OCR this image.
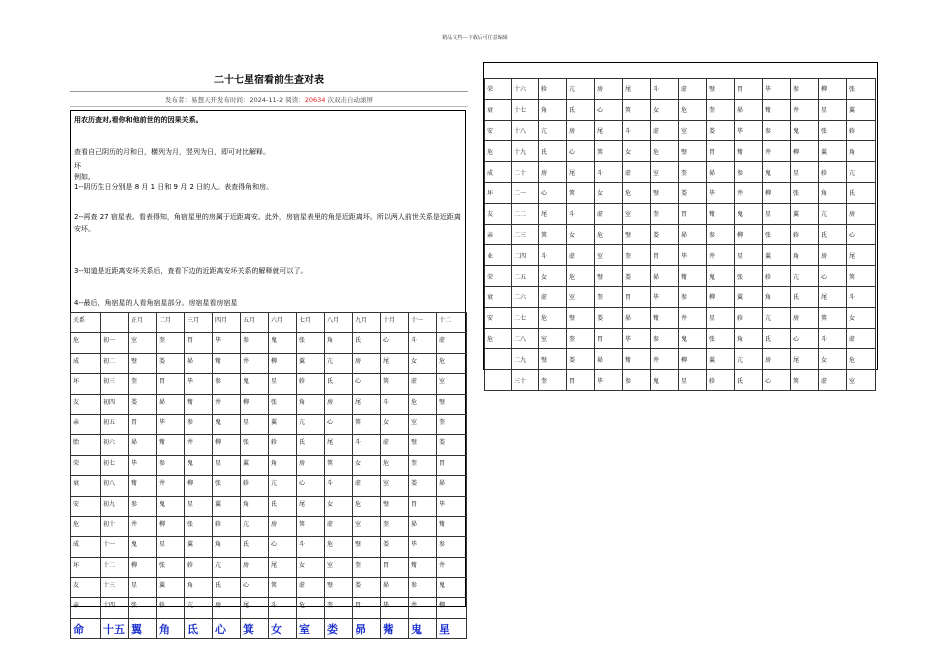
精品文档---下载后可任意编辑
二十七星宿看前生查对表
发布者：易想天开发布时间：2024-11-2 阅读：20634 次双击自动滚屏
用农历查对,看你和他前世的的因果关系。
查看自己阴历的月和日，横列为月，竖列为日，即可对比解释。
坏
例如,
1--阴历生日分别是 8 月 1 日和 9 月 2 日的人。表查得角和房。
2--再查 27 宿星表。看表得知，角宿星里的房属于近距离安。此外，房宿星表里的角是近距离坏。所以两人前世关系是近距离安坏。
3--知道是近距离安坏关系后，查看下边的近距离安坏关系的解释就可以了。
4--最后，角宿星的人看角宿星部分。房宿星看房宿星
关系		正月	二月	三月	四月	五月	六月	七月	八月	九月	十月	十一	十二
危	初一	室	奎	胃	毕	参	鬼	张	角	氐	心	斗	虚
成	初二	璧	娄	昴	觜	井	柳	翼	亢	房	尾	女	危
坏	初三	奎	胃	毕	参	鬼	星	轸	氐	心	箕	虚	室
友	初四	娄	昴	觜	井	柳	张	角	房	尾	斗	危	璧
亲	初五	胃	毕	参	鬼	星	翼	亢	心	箕	女	室	奎
胎	初六	昴	觜	井	柳	张	轸	氐	尾	斗	虚	璧	娄
荣	初七	毕	参	鬼	星	翼	角	房	箕	女	危	奎	胃
衰	初八	觜	井	柳	张	轸	亢	心	斗	虚	室	娄	昴
安	初九	参	鬼	星	翼	角	氐	尾	女	危	璧	胃	毕
危	初十	井	柳	张	轸	亢	房	箕	虚	室	奎	昴	觜
成	十一	鬼	星	翼	角	氐	心	斗	危	璧	娄	毕	参
坏	十二	柳	张	轸	亢	房	尾	女	室	奎	胃	觜	井
友	十三	星	翼	角	氐	心	箕	虚	璧	娄	昴	参	鬼
亲	十四	张	轸	亢	房	尾	斗	危	奎	胃	毕	井	柳
命	十五	翼	角	氐	心	箕	女	室	娄	昴	觜	鬼	星
荣	十六	轸	亢	房	尾	斗	虚	璧	胃	毕	参	柳	张
衰	十七	角	氐	心	箕	女	危	奎	昴	觜	井	星	翼
安	十八	亢	房	尾	斗	虚	室	娄	毕	参	鬼	张	轸
危	十九	氐	心	箕	女	危	璧	胃	觜	井	柳	翼	角
成	二十	房	尾	斗	虚	室	奎	昴	参	鬼	星	轸	亢
坏	二一	心	箕	女	危	璧	娄	毕	井	柳	张	角	氐
友	二二	尾	斗	虚	室	奎	胃	觜	鬼	星	翼	亢	房
亲	二三	箕	女	危	璧	娄	昴	参	柳	张	轸	氐	心
业	二四	斗	虚	室	奎	胃	毕	井	星	翼	角	房	尾
荣	二五	女	危	璧	娄	昴	觜	鬼	张	轸	亢	心	箕
衰	二六	虚	室	奎	胃	毕	参	柳	翼	角	氐	尾	斗
安	二七	危	璧	娄	昴	觜	井	星	轸	亢	房	箕	女
危	二八	室	奎	胃	毕	参	鬼	张	角	氐	心	斗	虚
	二九	璧	娄	昴	觜	井	柳	翼	亢	房	尾	女	危
	三十	奎	胃	毕	参	鬼	星	轸	氐	心	箕	虚	室
